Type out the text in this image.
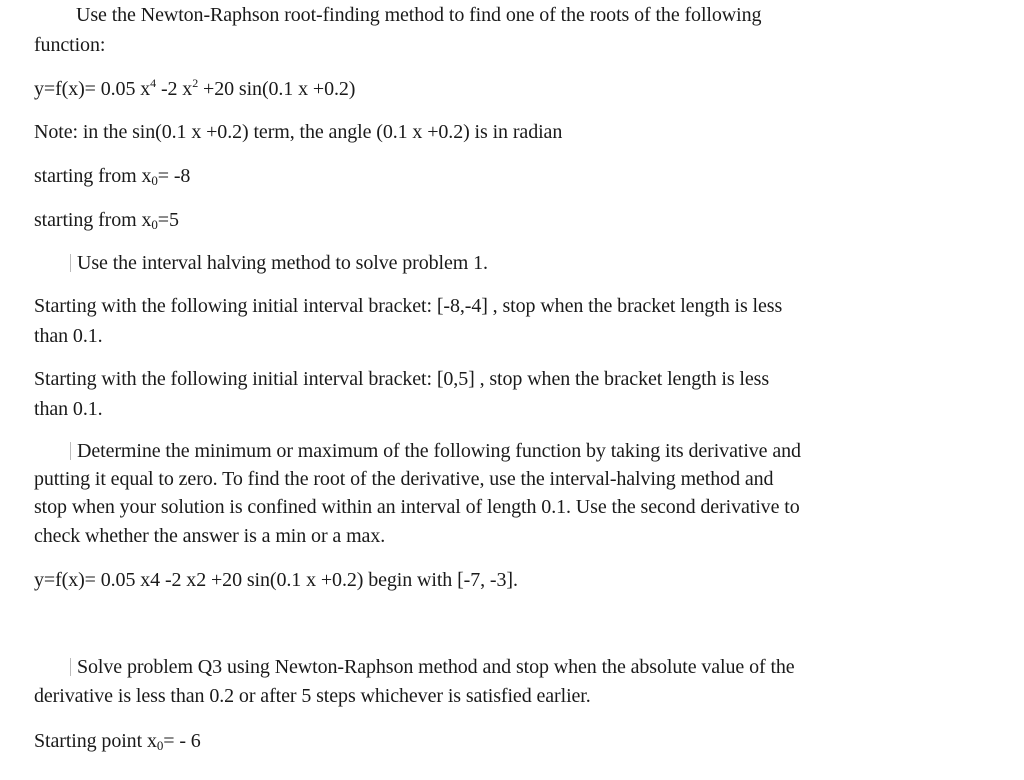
Use the Newton-Raphson root-finding method to find one of the roots of the following

function:

y=f(x)= 0.05 $x^4$ -2 $x^2 +20$ sin(0.1 x +0.2)

Note: in the sin(0.1 x +0.2) term, the angle (0.1 x +0.2) is in radian

starting from x0= -8

starting from x0=5

Use the interval halving method to solve problem 1.

Starting with the following initial interval bracket: [-8,-4] , stop when the bracket length is less

than 0.1.

Starting with the following initial interval bracket: [0,5] , stop when the bracket length is less

than 0.1.

Determine the minimum or maximum of the following function by taking its derivative and

putting it equal to zero. To find the root of the derivative, use the interval-halving method and

stop when your solution is confined within an interval of length 0.1. Use the second derivative to

check whether the answer is a min or a max.

y=f(x)= 0.05 x4 -2 x2 +20 sin(0.1 x +0.2) begin with [-7, -3].

Solve problem Q3 using Newton-Raphson method and stop when the absolute value of the

derivative is less than 0.2 or after 5 steps whichever is satisfied earlier.

Starting point x0= - 6
